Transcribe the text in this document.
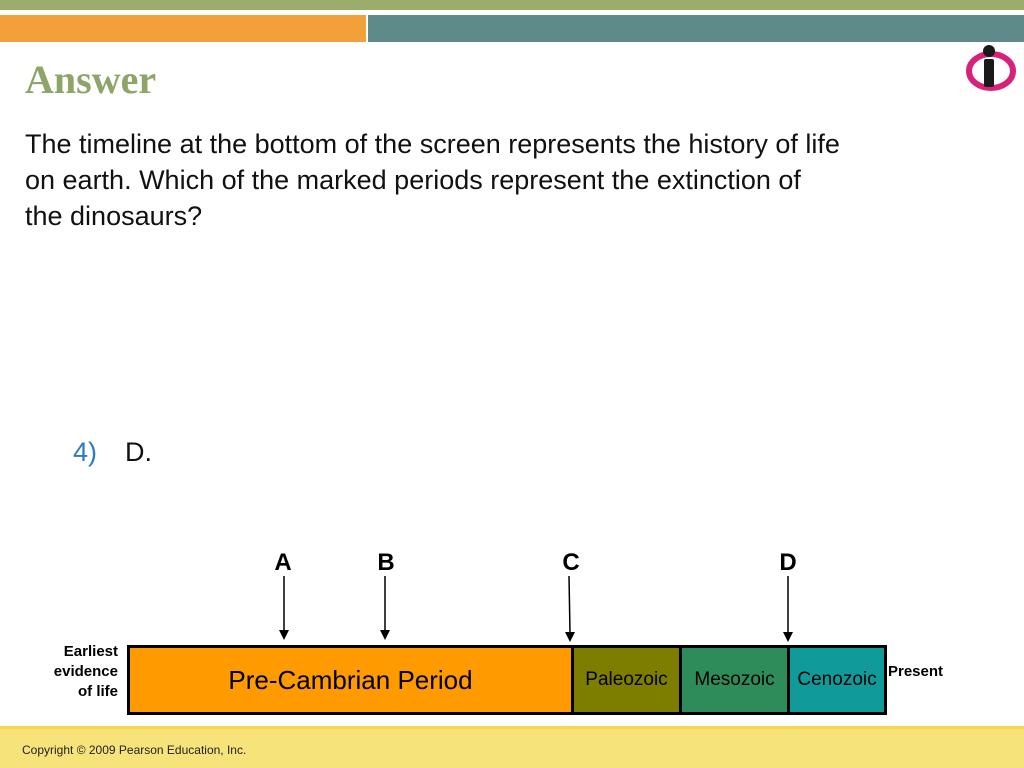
Answer
The timeline at the bottom of the screen represents the history of life on earth. Which of the marked periods represent the extinction of the dinosaurs?
4) D.
A	B	C	D
Earliest
evidence
of life	Pre-Cambrian Period	Paleozoic	Mesozoic	Cenozoic Present
Copyright © 2009 Pearson Education, Inc.
